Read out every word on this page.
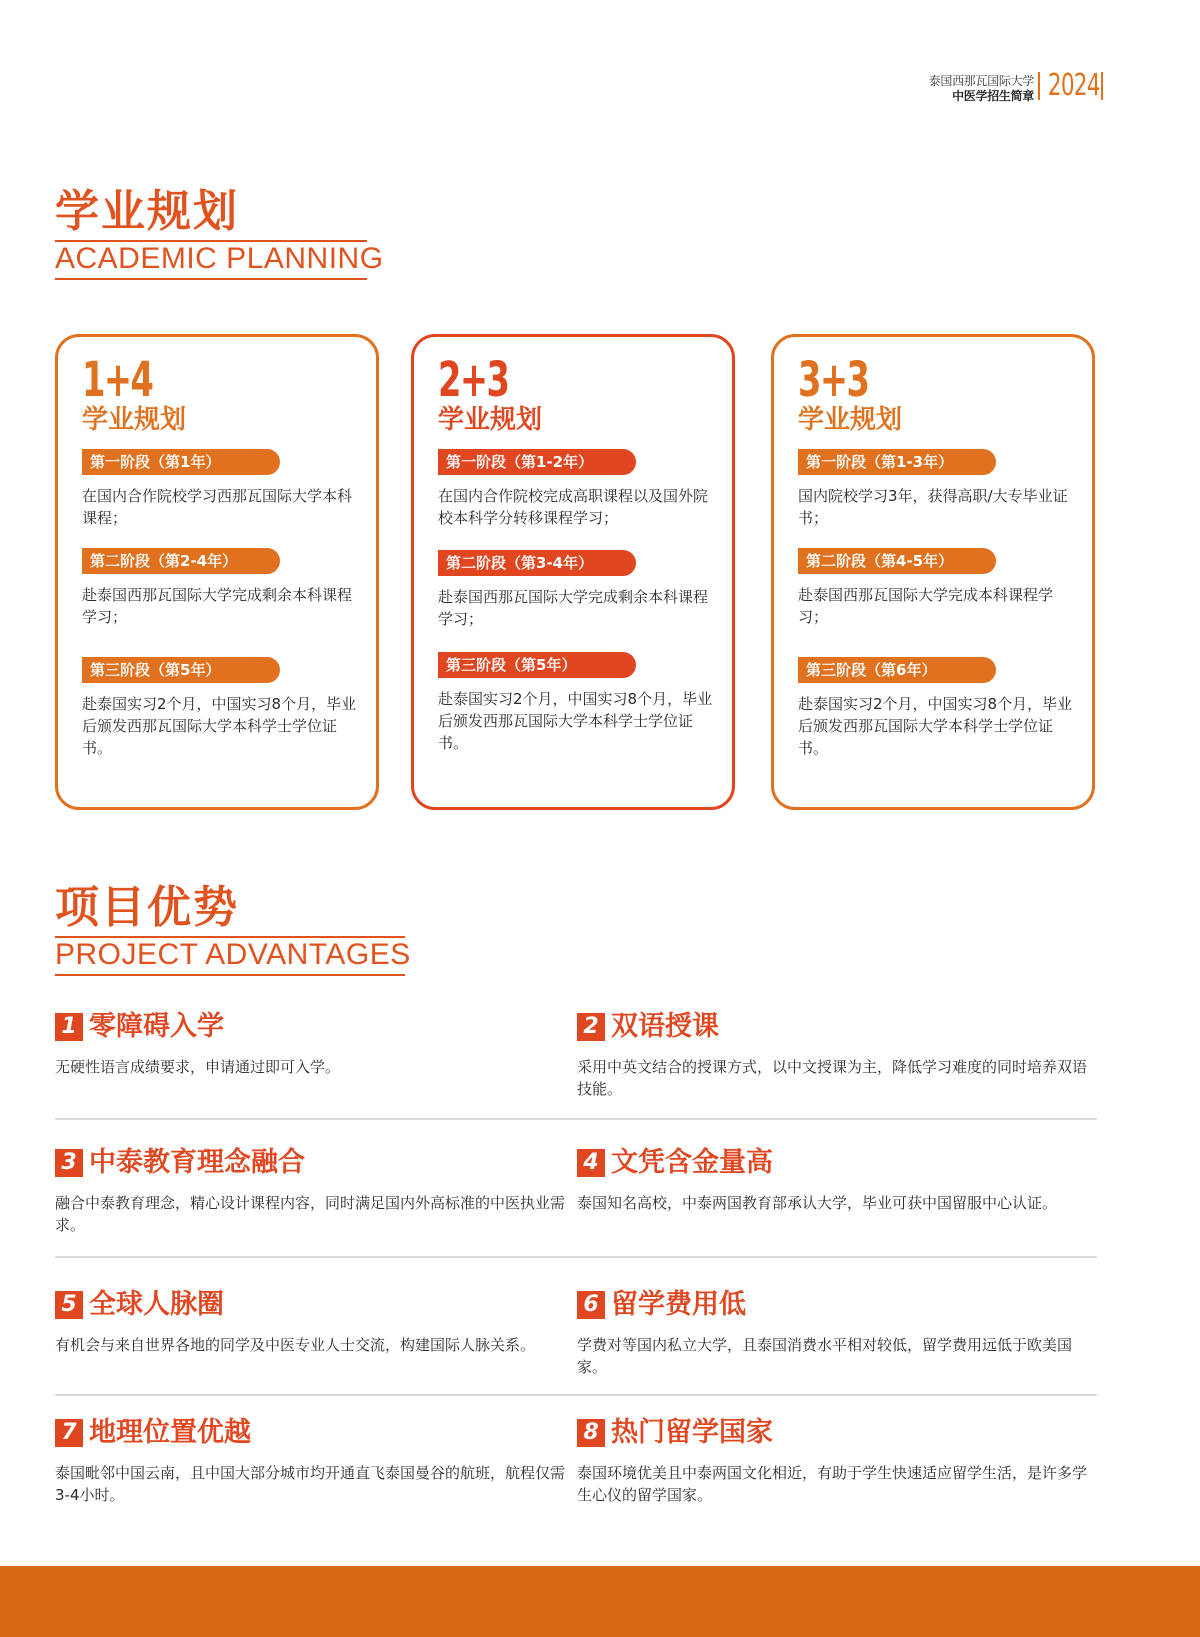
泰国西那瓦国际大学
中医学招生简章 2024
学业规划
ACADEMIC PLANNING
1+4
学业规划
第一阶段（第1年）
在国内合作院校学习西那瓦国际大学本科课程；
第二阶段（第2-4年）
赴泰国西那瓦国际大学完成剩余本科课程学习；
第三阶段（第5年）
赴泰国实习2个月，中国实习8个月，毕业后颁发西那瓦国际大学本科学士学位证书。
2+3
学业规划
第一阶段（第1-2年）
在国内合作院校完成高职课程以及国外院校本科学分转移课程学习；
第二阶段（第3-4年）
赴泰国西那瓦国际大学完成剩余本科课程学习；
第三阶段（第5年）
赴泰国实习2个月，中国实习8个月，毕业后颁发西那瓦国际大学本科学士学位证书。
3+3
学业规划
第一阶段（第1-3年）
国内院校学习3年，获得高职/大专毕业证书；
第二阶段（第4-5年）
赴泰国西那瓦国际大学完成本科课程学习；
第三阶段（第6年）
赴泰国实习2个月，中国实习8个月，毕业后颁发西那瓦国际大学本科学士学位证书。
项目优势
PROJECT ADVANTAGES
1 零障碍入学
无硬性语言成绩要求，申请通过即可入学。
2 双语授课
采用中英文结合的授课方式，以中文授课为主，降低学习难度的同时培养双语技能。
3 中泰教育理念融合
融合中泰教育理念，精心设计课程内容，同时满足国内外高标准的中医执业需求。
4 文凭含金量高
泰国知名高校，中泰两国教育部承认大学，毕业可获中国留服中心认证。
5 全球人脉圈
有机会与来自世界各地的同学及中医专业人士交流，构建国际人脉关系。
6 留学费用低
学费对等国内私立大学，且泰国消费水平相对较低，留学费用远低于欧美国家。
7 地理位置优越
泰国毗邻中国云南，且中国大部分城市均开通直飞泰国曼谷的航班，航程仅需3-4小时。
8 热门留学国家
泰国环境优美且中泰两国文化相近，有助于学生快速适应留学生活，是许多学生心仪的留学国家。
